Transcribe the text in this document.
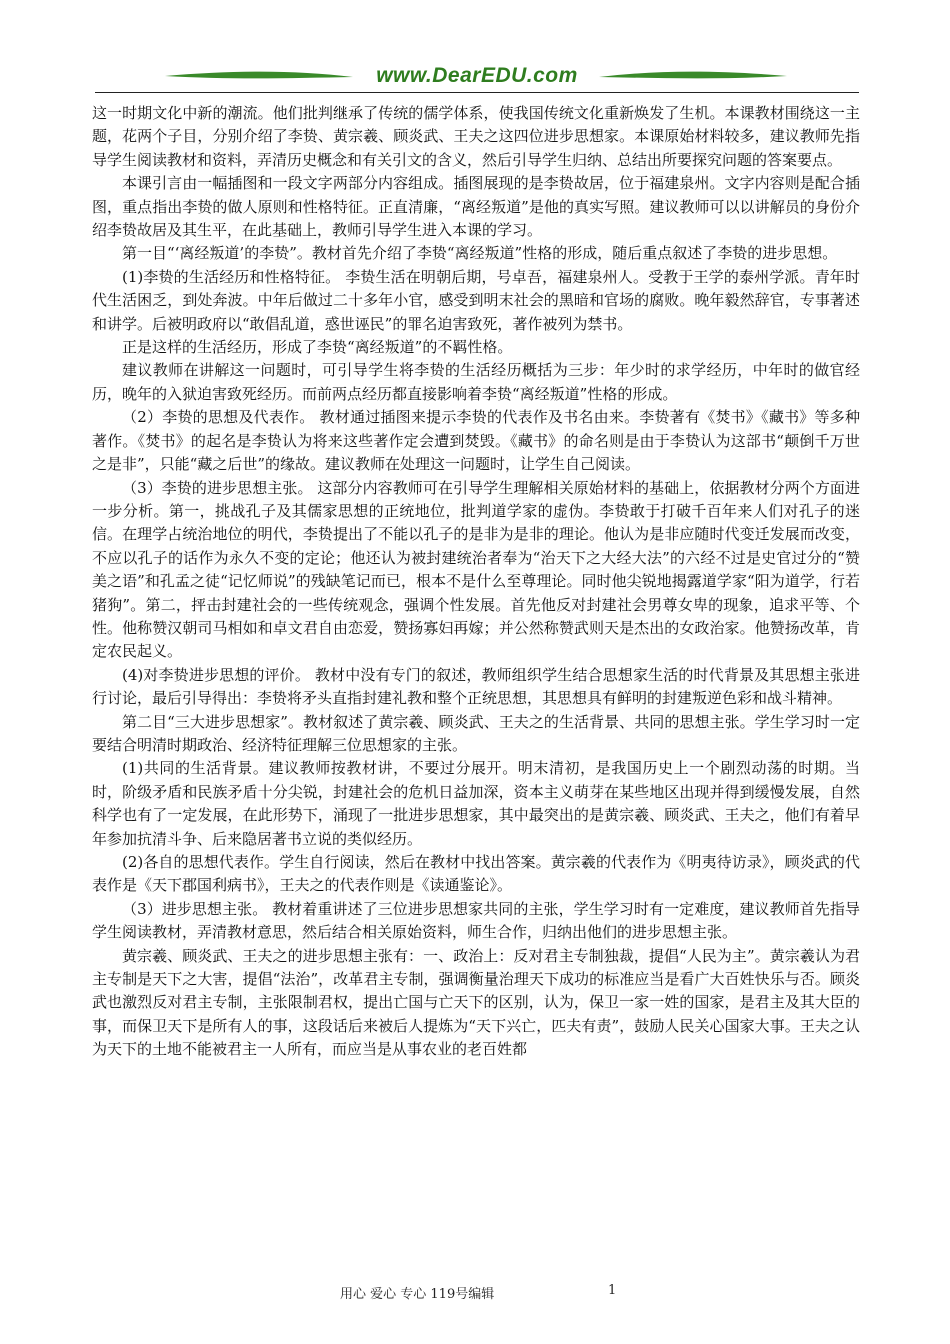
www.DearEDU.com

这一时期文化中新的潮流。他们批判继承了传统的儒学体系，使我国传统文化重新焕发了生机。本课教材围绕这一主题，花两个子目，分别介绍了李贽、黄宗羲、顾炎武、王夫之这四位进步思想家。本课原始材料较多，建议教师先指导学生阅读教材和资料，弄清历史概念和有关引文的含义，然后引导学生归纳、总结出所要探究问题的答案要点。

本课引言由一幅插图和一段文字两部分内容组成。插图展现的是李贽故居，位于福建泉州。文字内容则是配合插图，重点指出李贽的做人原则和性格特征。正直清廉，“离经叛道”是他的真实写照。建议教师可以以讲解员的身份介绍李贽故居及其生平，在此基础上，教师引导学生进入本课的学习。

第一目“‘离经叛道’的李贽”。教材首先介绍了李贽“离经叛道”性格的形成，随后重点叙述了李贽的进步思想。

(1)李贽的生活经历和性格特征。 李贽生活在明朝后期，号卓吾，福建泉州人。受教于王学的泰州学派。青年时代生活困乏，到处奔波。中年后做过二十多年小官，感受到明末社会的黑暗和官场的腐败。晚年毅然辞官，专事著述和讲学。后被明政府以“敢倡乱道，惑世诬民”的罪名迫害致死，著作被列为禁书。

正是这样的生活经历，形成了李贽“离经叛道”的不羁性格。

建议教师在讲解这一问题时，可引导学生将李贽的生活经历概括为三步：年少时的求学经历，中年时的做官经历，晚年的入狱迫害致死经历。而前两点经历都直接影响着李贽“离经叛道”性格的形成。

（2）李贽的思想及代表作。 教材通过插图来提示李贽的代表作及书名由来。李贽著有《焚书》《藏书》等多种著作。《焚书》的起名是李贽认为将来这些著作定会遭到焚毁。《藏书》的命名则是由于李贽认为这部书“颠倒千万世之是非”，只能“藏之后世”的缘故。建议教师在处理这一问题时，让学生自己阅读。

（3）李贽的进步思想主张。 这部分内容教师可在引导学生理解相关原始材料的基础上，依据教材分两个方面进一步分析。第一，挑战孔子及其儒家思想的正统地位，批判道学家的虚伪。李贽敢于打破千百年来人们对孔子的迷信。在理学占统治地位的明代，李贽提出了不能以孔子的是非为是非的理论。他认为是非应随时代变迁发展而改变，不应以孔子的话作为永久不变的定论；他还认为被封建统治者奉为“治天下之大经大法”的六经不过是史官过分的“赞美之语”和孔孟之徒“记忆师说”的残缺笔记而已，根本不是什么至尊理论。同时他尖锐地揭露道学家“阳为道学，行若猪狗”。第二，抨击封建社会的一些传统观念，强调个性发展。首先他反对封建社会男尊女卑的现象，追求平等、个性。他称赞汉朝司马相如和卓文君自由恋爱，赞扬寡妇再嫁；并公然称赞武则天是杰出的女政治家。他赞扬改革，肯定农民起义。

(4)对李贽进步思想的评价。 教材中没有专门的叙述，教师组织学生结合思想家生活的时代背景及其思想主张进行讨论，最后引导得出：李贽将矛头直指封建礼教和整个正统思想，其思想具有鲜明的封建叛逆色彩和战斗精神。

第二目“三大进步思想家”。教材叙述了黄宗羲、顾炎武、王夫之的生活背景、共同的思想主张。学生学习时一定要结合明清时期政治、经济特征理解三位思想家的主张。

(1)共同的生活背景。建议教师按教材讲，不要过分展开。明末清初，是我国历史上一个剧烈动荡的时期。当时，阶级矛盾和民族矛盾十分尖锐，封建社会的危机日益加深，资本主义萌芽在某些地区出现并得到缓慢发展，自然科学也有了一定发展，在此形势下，涌现了一批进步思想家，其中最突出的是黄宗羲、顾炎武、王夫之，他们有着早年参加抗清斗争、后来隐居著书立说的类似经历。

(2)各自的思想代表作。学生自行阅读，然后在教材中找出答案。黄宗羲的代表作为《明夷待访录》，顾炎武的代表作是《天下郡国利病书》，王夫之的代表作则是《读通鉴论》。

（3）进步思想主张。 教材着重讲述了三位进步思想家共同的主张，学生学习时有一定难度，建议教师首先指导学生阅读教材，弄清教材意思，然后结合相关原始资料，师生合作，归纳出他们的进步思想主张。

黄宗羲、顾炎武、王夫之的进步思想主张有：一、政治上：反对君主专制独裁，提倡“人民为主”。黄宗羲认为君主专制是天下之大害，提倡“法治”，改革君主专制，强调衡量治理天下成功的标准应当是看广大百姓快乐与否。顾炎武也激烈反对君主专制，主张限制君权，提出亡国与亡天下的区别，认为，保卫一家一姓的国家，是君主及其大臣的事，而保卫天下是所有人的事，这段话后来被后人提炼为“天下兴亡，匹夫有责”，鼓励人民关心国家大事。王夫之认为天下的土地不能被君主一人所有，而应当是从事农业的老百姓都

用心 爱心 专心 119号编辑	1
